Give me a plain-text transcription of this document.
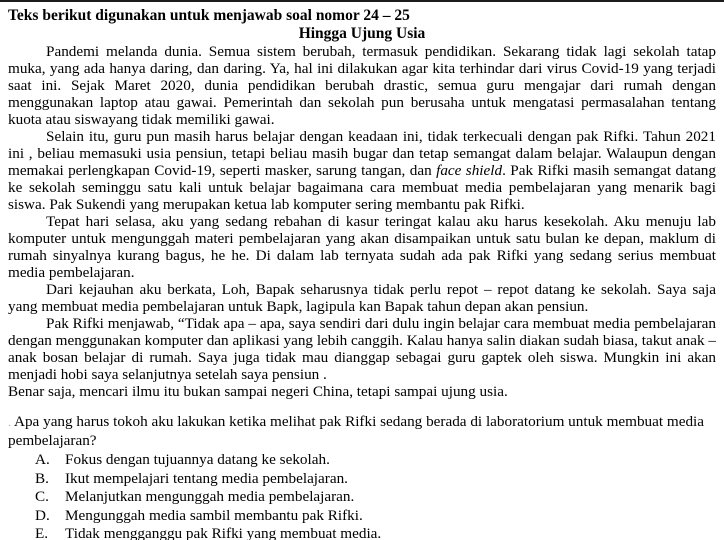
Teks berikut digunakan untuk menjawab soal nomor 24 – 25
Hingga Ujung Usia

Pandemi melanda dunia. Semua sistem berubah, termasuk pendidikan. Sekarang tidak lagi sekolah tatap muka, yang ada hanya daring, dan daring. Ya, hal ini dilakukan agar kita terhindar dari virus Covid-19 yang terjadi saat ini. Sejak Maret 2020, dunia pendidikan berubah drastic, semua guru mengajar dari rumah dengan menggunakan laptop atau gawai. Pemerintah dan sekolah pun berusaha untuk mengatasi permasalahan tentang kuota atau siswayang tidak memiliki gawai.

Selain itu, guru pun masih harus belajar dengan keadaan ini, tidak terkecuali dengan pak Rifki. Tahun 2021 ini , beliau memasuki usia pensiun, tetapi beliau masih bugar dan tetap semangat dalam belajar. Walaupun dengan memakai perlengkapan Covid-19, seperti masker, sarung tangan, dan face shield. Pak Rifki masih semangat datang ke sekolah seminggu satu kali untuk belajar bagaimana cara membuat media pembelajaran yang menarik bagi siswa. Pak Sukendi yang merupakan ketua lab komputer sering membantu pak Rifki.

Tepat hari selasa, aku yang sedang rebahan di kasur teringat kalau aku harus kesekolah. Aku menuju lab komputer untuk mengunggah materi pembelajaran yang akan disampaikan untuk satu bulan ke depan, maklum di rumah sinyalnya kurang bagus, he he. Di dalam lab ternyata sudah ada pak Rifki yang sedang serius membuat media pembelajaran.

Dari kejauhan aku berkata, Loh, Bapak seharusnya tidak perlu repot – repot datang ke sekolah. Saya saja yang membuat media pembelajaran untuk Bapk, lagipula kan Bapak tahun depan akan pensiun.

Pak Rifki menjawab, “Tidak apa – apa, saya sendiri dari dulu ingin belajar cara membuat media pembelajaran dengan menggunakan komputer dan aplikasi yang lebih canggih. Kalau hanya salin diakan sudah biasa, takut anak – anak bosan belajar di rumah. Saya juga tidak mau dianggap sebagai guru gaptek oleh siswa. Mungkin ini akan menjadi hobi saya selanjutnya setelah saya pensiun .

Benar saja, mencari ilmu itu bukan sampai negeri China, tetapi sampai ujung usia.

. Apa yang harus tokoh aku lakukan ketika melihat pak Rifki sedang berada di laboratorium untuk membuat media pembelajaran?
A.	Fokus dengan tujuannya datang ke sekolah.
B.	Ikut mempelajari tentang media pembelajaran.
C.	Melanjutkan mengunggah media pembelajaran.
D.	Mengunggah media sambil membantu pak Rifki.
E.	Tidak mengganggu pak Rifki yang membuat media.
